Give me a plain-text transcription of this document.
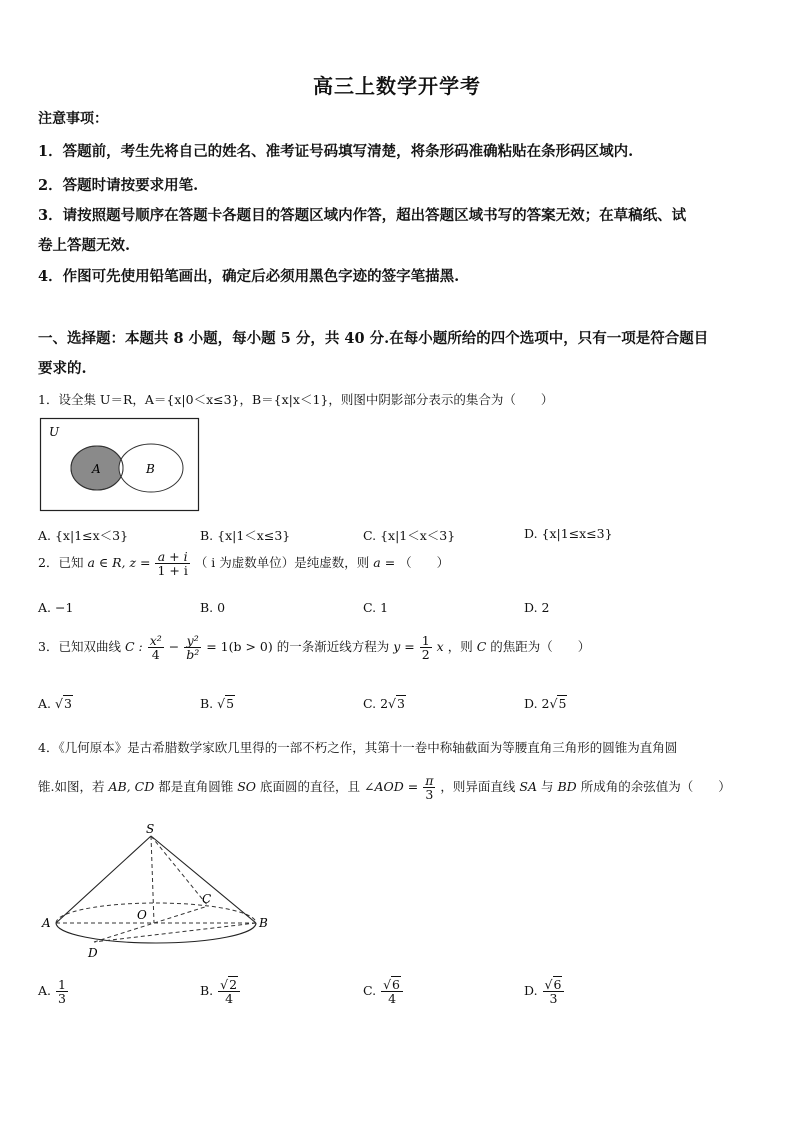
高三上数学开学考
注意事项：
1．答题前，考生先将自己的姓名、准考证号码填写清楚，将条形码准确粘贴在条形码区域内.
2．答题时请按要求用笔.
3．请按照题号顺序在答题卡各题目的答题区域内作答，超出答题区域书写的答案无效；在草稿纸、试
卷上答题无效.
4．作图可先使用铅笔画出，确定后必须用黑色字迹的签字笔描黑.
一、选择题：本题共 8 小题，每小题 5 分，共 40 分.在每小题所给的四个选项中，只有一项是符合题目
要求的.
1．设全集 U＝R，A＝{x|0＜x≤3}，B＝{x|x＜1}，则图中阴影部分表示的集合为（　　）
U
A	B
A. {x|1≤x＜3}	B. {x|1＜x≤3}	C. {x|1＜x＜3}	D. {x|1≤x≤3}
2．已知 a ∈ R, $z = \frac{a + i}{1 + i}$ （ i 为虚数单位）是纯虚数，则 a = （　　）
A. −1	B. 0	C. 1	D. 2
3．已知双曲线 C : $\frac{\text{x²}}{4} - \frac{\text{y²}}{\text{b²}} = 1(b > 0)$ 的一条渐近线方程为 $y = \frac{1}{2}$ x ，则 C 的焦距为（　　）
A. √3	B. √5	C. 2√3	D. 2√5
4．《几何原本》是古希腊数学家欧几里得的一部不朽之作，其第十一卷中称轴截面为等腰直角三角形的圆锥为直角圆
锥.如图，若 AB, CD 都是直角圆锥 SO 底面圆的直径，且 ∠AOD = $\frac{\pi}{3}$ ，则异面直线 SA 与 BD 所成角的余弦值为（　　）
S
A	B
C
D
O
A. $\frac{1}{3}$	B. $\frac{√2}{4}$	C. $\frac{√6}{4}$	D. $\frac{√6}{3}$
